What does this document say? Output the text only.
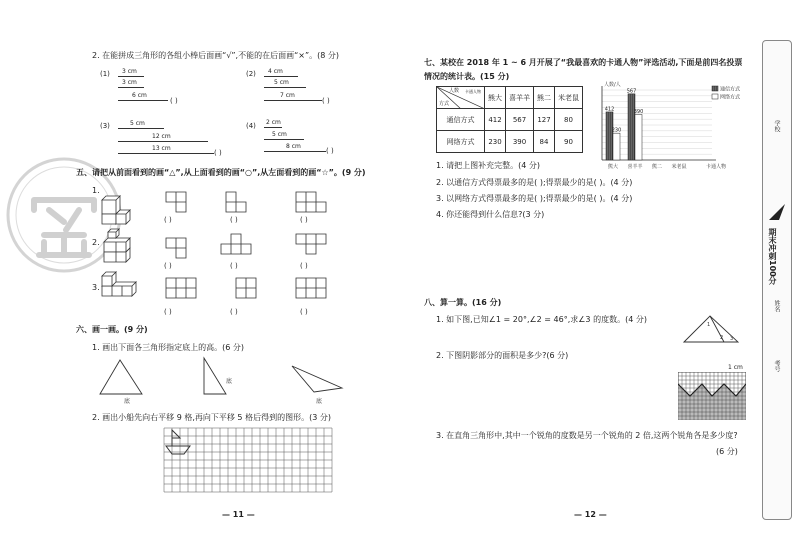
2. 在能拼成三角形的各组小棒后面画“√”,不能的在后面画“×”。(8 分)
(1) 3 cm
3 cm
6 cm
( )
(2) 4 cm
5 cm
7 cm
( )
(3)	5 cm
12 cm
13 cm
( )
(4) 2 cm
5 cm
8 cm
( )
五、请把从前面看到的画“△”,从上面看到的画“○”,从左面看到的画“☆”。(9 分)
1.
2.
3.
( )	( )	( )
( )	( )	( )
( )	( )	( )
六、画一画。(9 分)
1. 画出下面各三角形指定底上的高。(6 分)
底
底
底
2. 画出小船先向右平移 9 格,再向下平移 5 格后得到的图形。(3 分)
— 11 —
七、某校在 2018 年 1 ~ 6 月开展了“我最喜欢的卡通人物”评选活动,下面是前四名投票情况的统计表。(15 分)
人数 卡通人物
方式	熊大	喜羊羊	熊二	米老鼠
通信方式	412	567	127	80
网络方式	230	390	84	90
人数/人
卡通人物
412
230
熊大
567
390
喜羊羊 熊二 米老鼠
通信方式
网络方式
1. 请把上图补充完整。(4 分)
2. 以通信方式得票最多的是( );得票最少的是( )。(4 分)
3. 以网络方式得票最多的是( );得票最少的是( )。(4 分)
4. 你还能得到什么信息?(3 分)
八、算一算。(16 分)
1. 如下图,已知∠1 = 20°,∠2 = 46°,求∠3 的度数。(4 分)
1
2 3
2. 下图阴影部分的面积是多少?(6 分)
1 cm
3. 在直角三角形中,其中一个锐角的度数是另一个锐角的 2 倍,这两个锐角各是多少度?
(6 分)
— 12 —
期末冲刺100分
学校
姓名
考号
